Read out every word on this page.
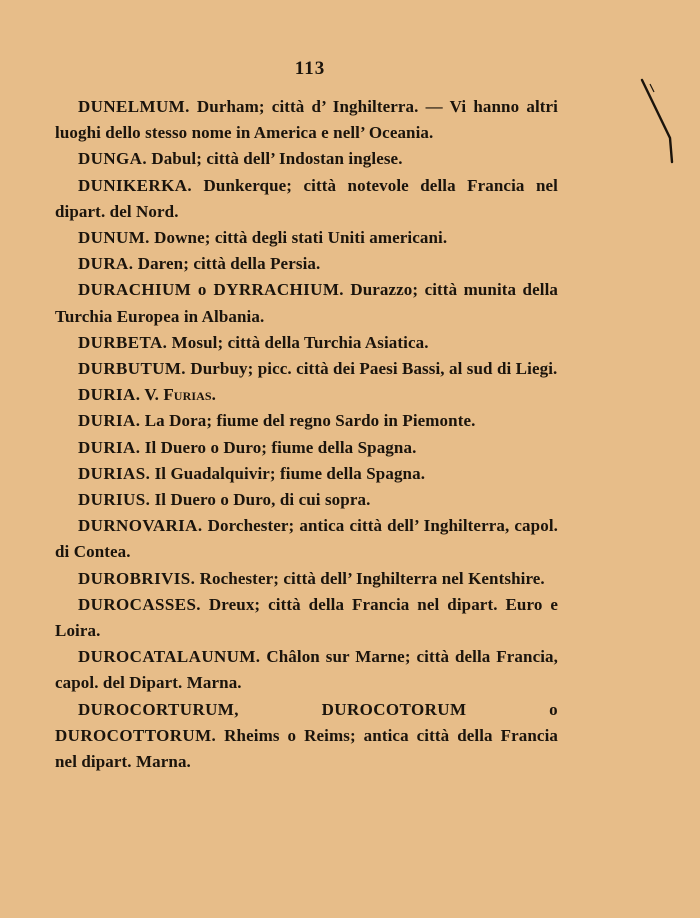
113

DUNELMUM. Durham; città d’ Inghilterra. — Vi hanno altri luoghi dello stesso nome in America e nell’ Oceania.

DUNGA. Dabul; città dell’ Indostan inglese.

DUNIKERKA. Dunkerque; città notevole della Francia nel dipart. del Nord.

DUNUM. Downe; città degli stati Uniti americani.

DURA. Daren; città della Persia.

DURACHIUM o DYRRACHIUM. Durazzo; città munita della Turchia Europea in Albania.

DURBETA. Mosul; città della Turchia Asiatica.

DURBUTUM. Durbuy; picc. città dei Paesi Bassi, al sud di Liegi.

DURIA. V. Furias.

DURIA. La Dora; fiume del regno Sardo in Piemonte.

DURIA. Il Duero o Duro; fiume della Spagna.

DURIAS. Il Guadalquivir; fiume della Spagna.

DURIUS. Il Duero o Duro, di cui sopra.

DURNOVARIA. Dorchester; antica città dell’ Inghilterra, capol. di Contea.

DUROBRIVIS. Rochester; città dell’ Inghilterra nel Kentshire.

DUROCASSES. Dreux; città della Francia nel dipart. Euro e Loira.

DUROCATALAUNUM. Châlon sur Marne; città della Francia, capol. del Dipart. Marna.

DUROCORTURUM, DUROCOTORUM o DUROCOTTORUM. Rheims o Reims; antica città della Francia nel dipart. Marna.
